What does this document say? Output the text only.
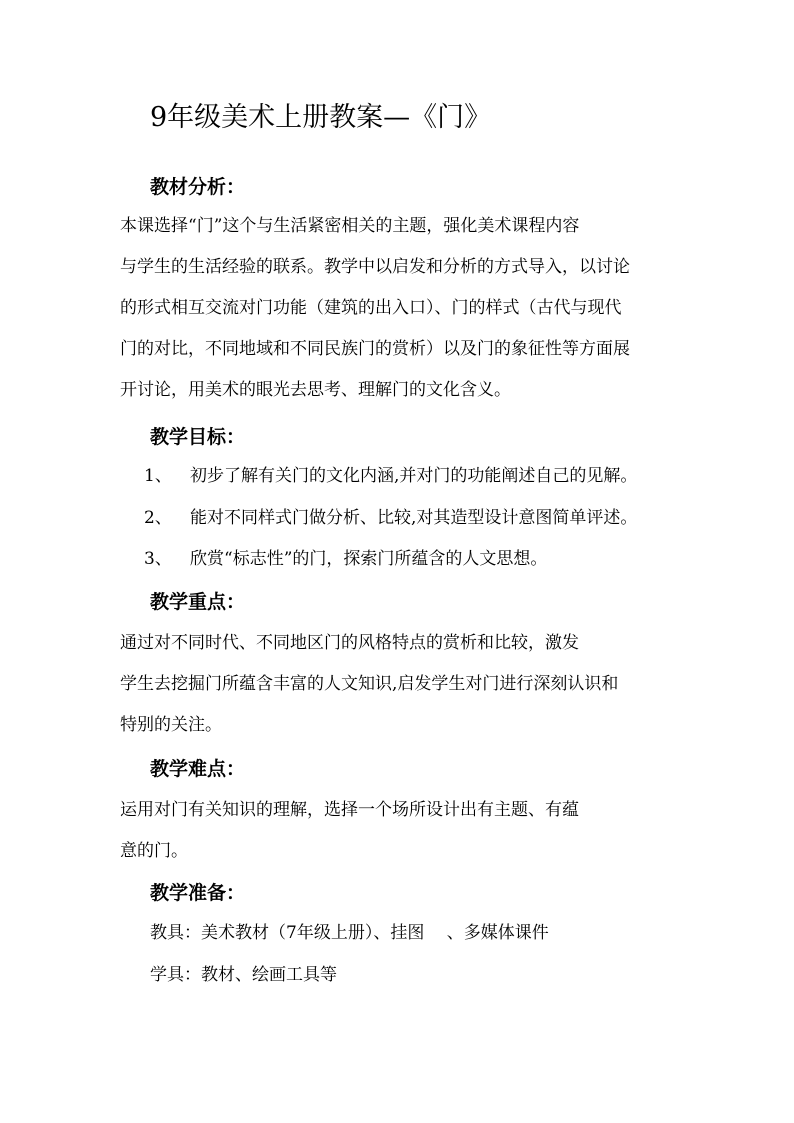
9年级美术上册教案—《门》
教材分析：
本课选择“门”这个与生活紧密相关的主题，强化美术课程内容
与学生的生活经验的联系。教学中以启发和分析的方式导入，以讨论
的形式相互交流对门功能（建筑的出入口）、门的样式（古代与现代
门的对比，不同地域和不同民族门的赏析）以及门的象征性等方面展
开讨论，用美术的眼光去思考、理解门的文化含义。
教学目标：
1、 初步了解有关门的文化内涵,并对门的功能阐述自己的见解。
2、 能对不同样式门做分析、比较,对其造型设计意图简单评述。
3、 欣赏“标志性”的门，探索门所蕴含的人文思想。
教学重点：
通过对不同时代、不同地区门的风格特点的赏析和比较，激发
学生去挖掘门所蕴含丰富的人文知识,启发学生对门进行深刻认识和
特别的关注。
教学难点：
运用对门有关知识的理解，选择一个场所设计出有主题、有蕴
意的门。
教学准备：
教具：美术教材（7年级上册）、挂图 　、多媒体课件
学具：教材、绘画工具等
